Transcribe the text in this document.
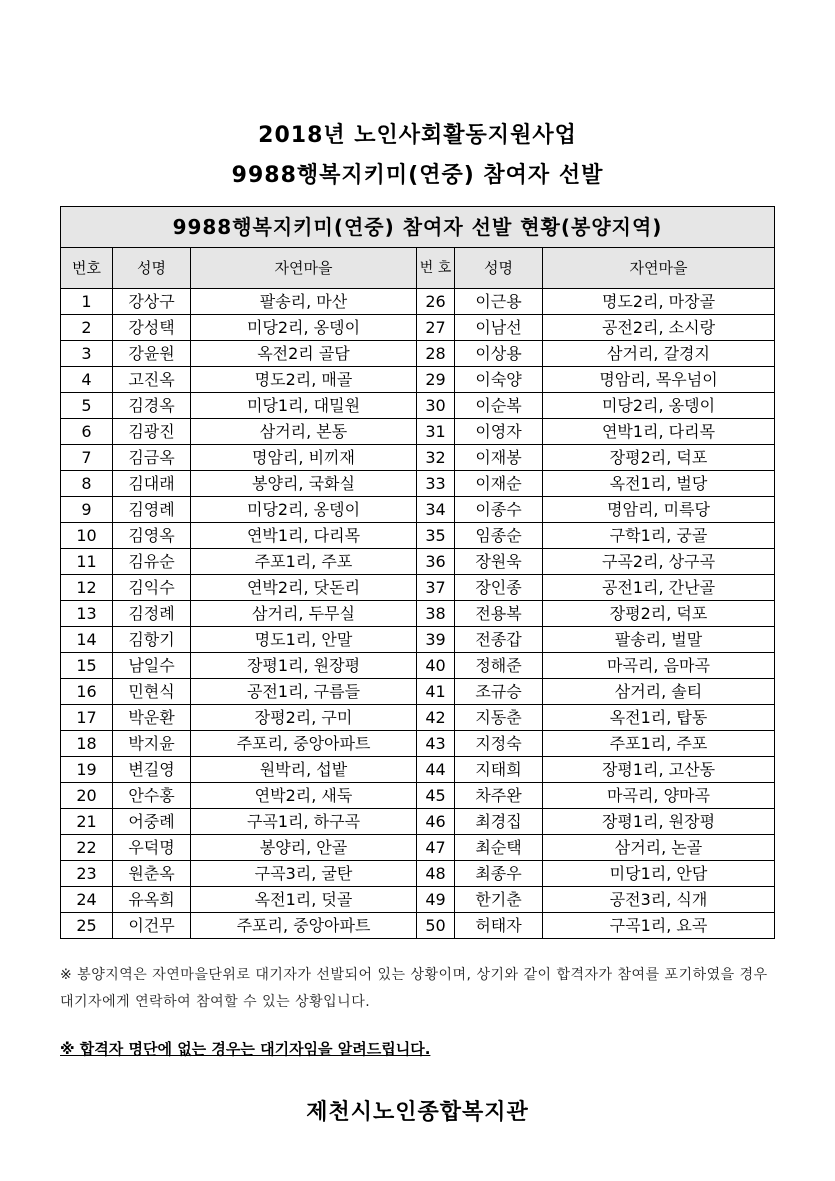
2018년 노인사회활동지원사업
9988행복지키미(연중) 참여자 선발
9988행복지키미(연중) 참여자 선발 현황(봉양지역)					
번호	성명	자연마을	번 호	성명	자연마을
1	강상구	팔송리, 마산	26	이근용	명도2리, 마장골
2	강성택	미당2리, 옹뎅이	27	이남선	공전2리, 소시랑
3	강윤원	옥전2리 골담	28	이상용	삼거리, 갈경지
4	고진옥	명도2리, 매골	29	이숙양	명암리, 목우넘이
5	김경옥	미당1리, 대밀원	30	이순복	미당2리, 옹뎅이
6	김광진	삼거리, 본동	31	이영자	연박1리, 다리목
7	김금옥	명암리, 비끼재	32	이재봉	장평2리, 덕포
8	김대래	봉양리, 국화실	33	이재순	옥전1리, 벌당
9	김영례	미당2리, 옹뎅이	34	이종수	명암리, 미륵당
10	김영옥	연박1리, 다리목	35	임종순	구학1리, 궁골
11	김유순	주포1리, 주포	36	장원욱	구곡2리, 상구곡
12	김익수	연박2리, 닷돈리	37	장인종	공전1리, 간난골
13	김정례	삼거리, 두무실	38	전용복	장평2리, 덕포
14	김항기	명도1리, 안말	39	전종갑	팔송리, 벌말
15	남일수	장평1리, 원장평	40	정해준	마곡리, 음마곡
16	민현식	공전1리, 구름들	41	조규승	삼거리, 솔티
17	박운환	장평2리, 구미	42	지동춘	옥전1리, 탑동
18	박지윤	주포리, 중앙아파트	43	지정숙	주포1리, 주포
19	변길영	원박리, 섭밭	44	지태희	장평1리, 고산동
20	안수홍	연박2리, 새둑	45	차주완	마곡리, 양마곡
21	어중례	구곡1리, 하구곡	46	최경집	장평1리, 원장평
22	우덕명	봉양리, 안골	47	최순택	삼거리, 논골
23	원춘옥	구곡3리, 굴탄	48	최종우	미당1리, 안담
24	유옥희	옥전1리, 덧골	49	한기춘	공전3리, 식개
25	이건무	주포리, 중앙아파트	50	허태자	구곡1리, 요곡
※ 봉양지역은 자연마을단위로 대기자가 선발되어 있는 상황이며, 상기와 같이 합격자가 참여를 포기하였을 경우 대기자에게 연락하여 참여할 수 있는 상황입니다.
※ 합격자 명단에 없는 경우는 대기자임을 알려드립니다.
제천시노인종합복지관
